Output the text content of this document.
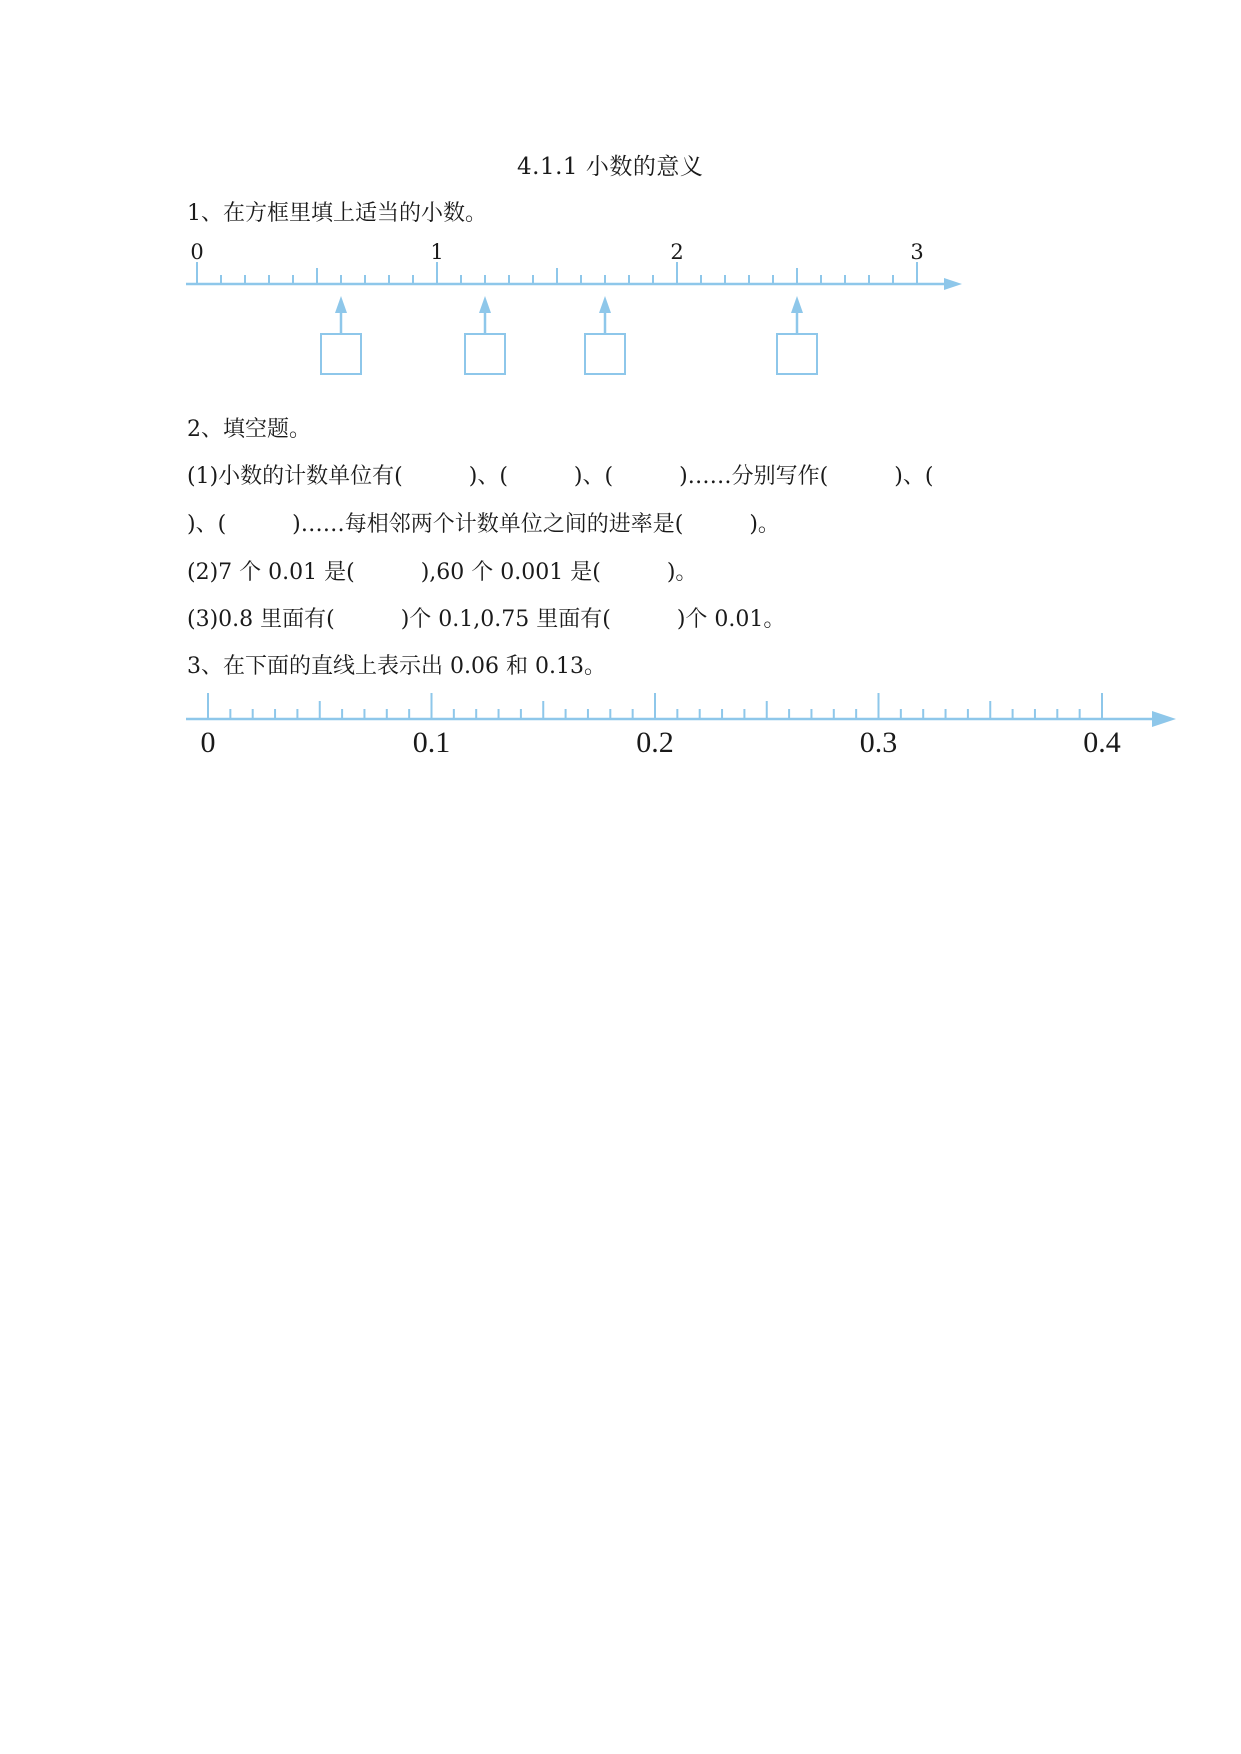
4.1.1 小数的意义
1、在方框里填上适当的小数。
0	1	2	3
2、填空题。
(1)小数的计数单位有(　　　)、(　　　)、(　　　)……分别写作(　　　)、(
)、(　　　)……每相邻两个计数单位之间的进率是(　　　)。
(2)7 个 0.01 是(　　　),60 个 0.001 是(　　　)。
(3)0.8 里面有(　　　)个 0.1,0.75 里面有(　　　)个 0.01。
3、在下面的直线上表示出 0.06 和 0.13。
0	0.1	0.2	0.3	0.4
